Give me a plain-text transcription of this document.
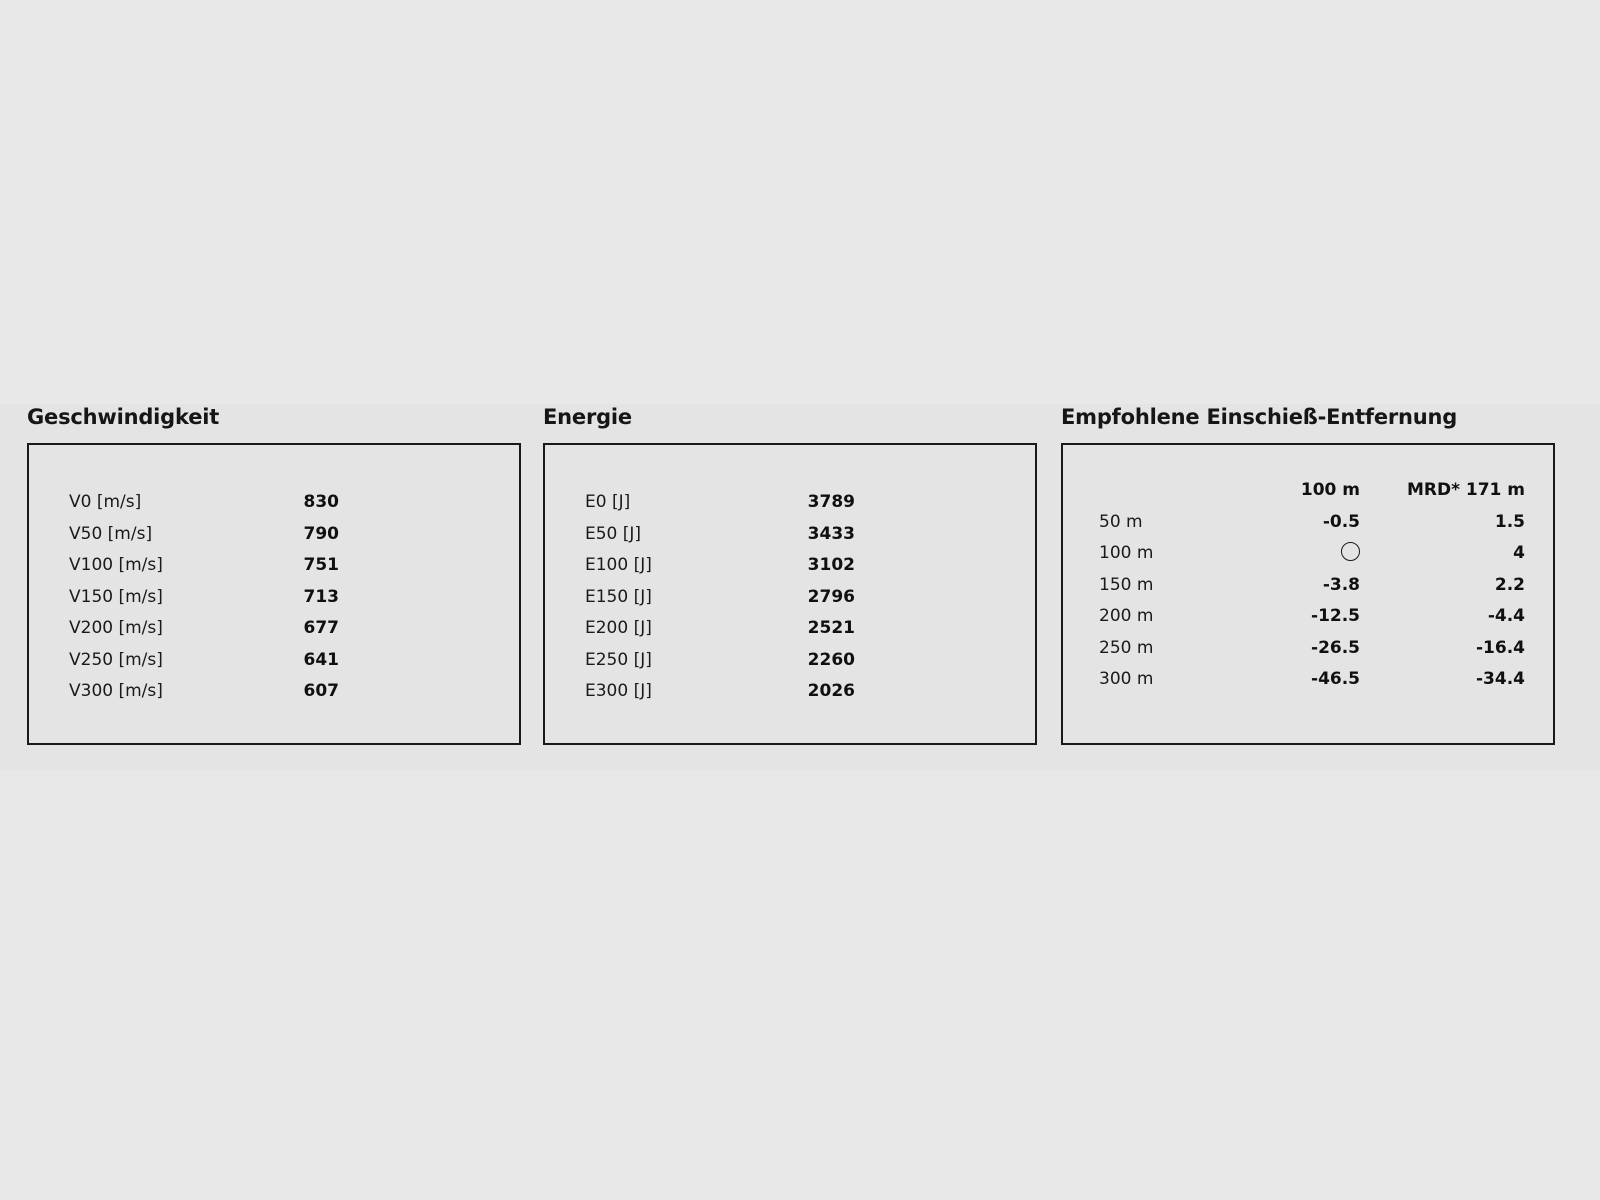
Geschwindigkeit
V0 [m/s]	830	
V50 [m/s]	790	
V100 [m/s]	751	
V150 [m/s]	713	
V200 [m/s]	677	
V250 [m/s]	641	
V300 [m/s]	607	
Energie
E0 [J]	3789	
E50 [J]	3433	
E100 [J]	3102	
E150 [J]	2796	
E200 [J]	2521	
E250 [J]	2260	
E300 [J]	2026	
Empfohlene Einschieß-Entfernung
	100 m	MRD* 171 m
50 m	-0.5	1.5
100 m		4
150 m	-3.8	2.2
200 m	-12.5	-4.4
250 m	-26.5	-16.4
300 m	-46.5	-34.4
